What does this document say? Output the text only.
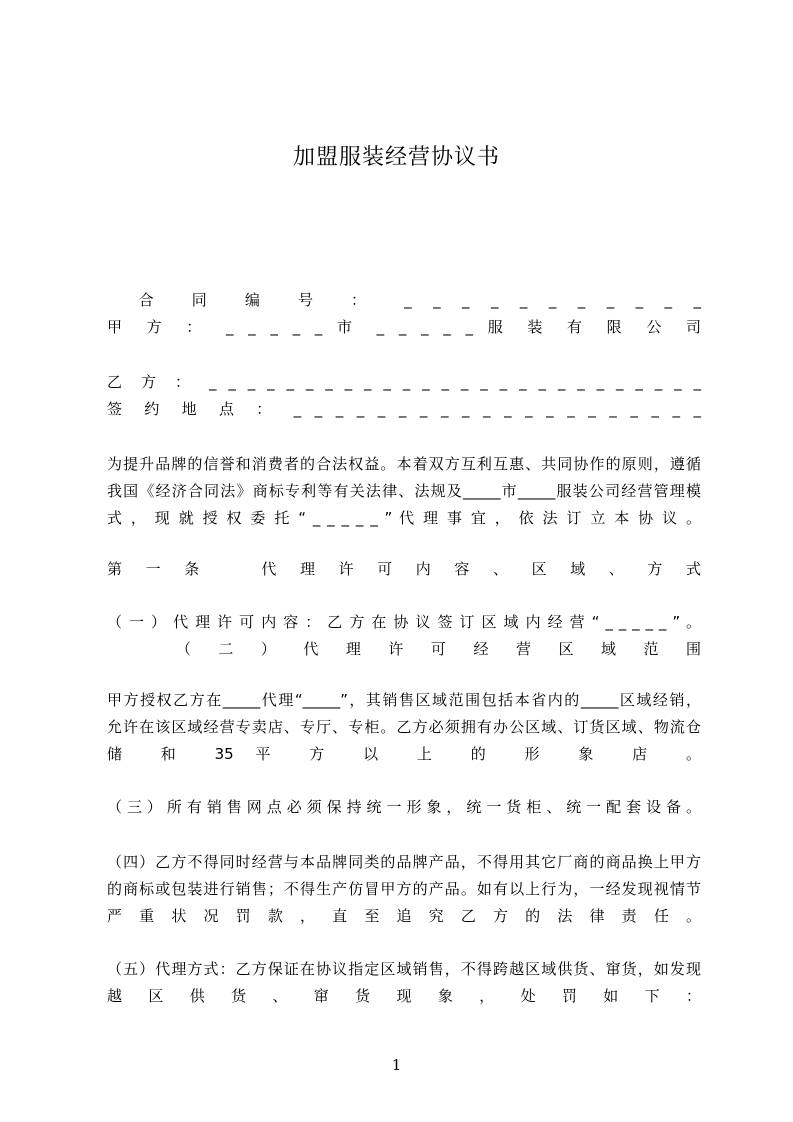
加盟服装经营协议书
　合 同 编 号 ： _ _ _ _ _ _ _ _ _ _ _
甲 方 ： _ _ _ _ _ 市 _ _ _ _ _ 服 装 有 限 公 司
乙 方 ： _ _ _ _ _ _ _ _ _ _ _ _ _ _ _ _ _ _ _ _ _ _ _ _ _ _
签 约 地 点 ： _ _ _ _ _ _ _ _ _ _ _ _ _ _ _ _ _ _ _ _
为提升品牌的信誉和消费者的合法权益。本着双方互利互惠、共同协作的原则，遵循
我国《经济合同法》商标专利等有关法律、法规及_____市_____服装公司经营管理模
式 ， 现 就 授 权 委 托 “ _ _ _ _ _ ” 代 理 事 宜 ， 依 法 订 立 本 协 议 。
第 一 条 　 代 理 许 可 内 容 、 区 域 、 方 式
（ 一 ） 代 理 许 可 内 容 ： 乙 方 在 协 议 签 订 区 域 内 经 营 “ _ _ _ _ _ ” 。
　　 （ 二 ） 代 理 许 可 经 营 区 域 范 围
甲方授权乙方在_____代理“_____”，其销售区域范围包括本省内的_____区域经销，
允许在该区域经营专卖店、专厅、专柜。乙方必须拥有办公区域、订货区域、物流仓
储 和 35 平 方 以 上 的 形 象 店 。
（ 三 ） 所 有 销 售 网 点 必 须 保 持 统 一 形 象 ， 统 一 货 柜 、 统 一 配 套 设 备 。
（四）乙方不得同时经营与本品牌同类的品牌产品，不得用其它厂商的商品换上甲方
的商标或包装进行销售；不得生产仿冒甲方的产品。如有以上行为，一经发现视情节
严 重 状 况 罚 款 ， 直 至 追 究 乙 方 的 法 律 责 任 。
（五）代理方式：乙方保证在协议指定区域销售，不得跨越区域供货、窜货，如发现
越 区 供 货 、 窜 货 现 象 ， 处 罚 如 下 ：
1
